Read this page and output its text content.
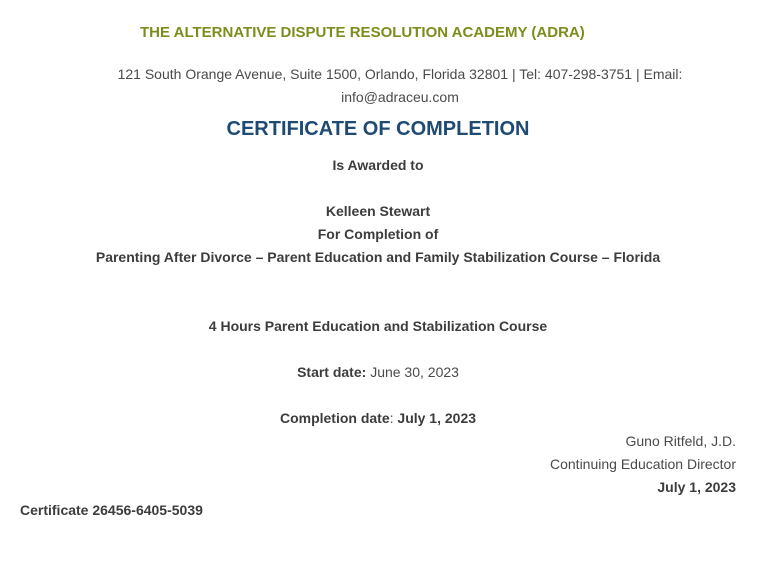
THE ALTERNATIVE DISPUTE RESOLUTION ACADEMY (ADRA)
121 South Orange Avenue, Suite 1500, Orlando, Florida 32801 | Tel: 407-298-3751 | Email: info@adraceu.com
CERTIFICATE OF COMPLETION
Is Awarded to
Kelleen Stewart
For Completion of
Parenting After Divorce – Parent Education and Family Stabilization Course – Florida
4 Hours Parent Education and Stabilization Course
Start date: June 30, 2023
Completion date: July 1, 2023
Guno Ritfeld, J.D.
Continuing Education Director
July 1, 2023
Certificate 26456-6405-5039
